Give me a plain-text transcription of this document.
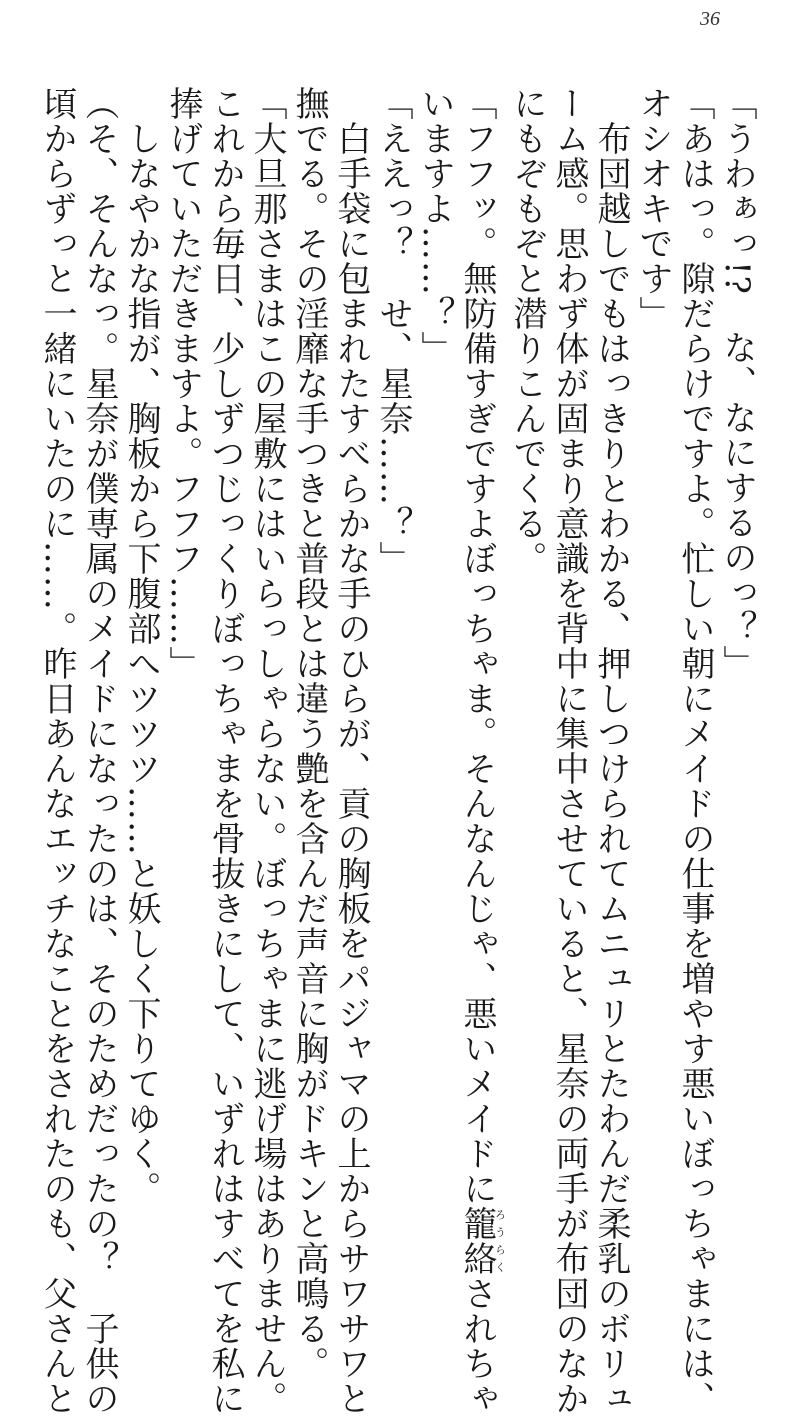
36
「うわぁっ!?　な、なにするのっ？」
「あはっ。隙だらけですよ。忙しい朝にメイドの仕事を増やす悪いぼっちゃまには、
オシオキです」
　布団越しでもはっきりとわかる、押しつけられてムニュリとたわんだ柔乳のボリュ
ーム感。思わず体が固まり意識を背中に集中させていると、星奈の両手が布団のなか
にもぞもぞと潜りこんでくる。
「フフッ。無防備すぎですよぼっちゃま。そんなんじゃ、悪いメイドに籠絡ろうらくされちゃ
いますよ……？」
「ええっ？　せ、星奈……？」
　白手袋に包まれたすべらかな手のひらが、貢の胸板をパジャマの上からサワサワと
撫でる。その淫靡な手つきと普段とは違う艶を含んだ声音に胸がドキンと高鳴る。
「大旦那さまはこの屋敷にはいらっしゃらない。ぼっちゃまに逃げ場はありません。
これから毎日、少しずつじっくりぼっちゃまを骨抜きにして、いずれはすべてを私に
捧げていただきますよ。フフフ……」
　しなやかな指が、胸板から下腹部へツツツ……と妖しく下りてゆく。
（そ、そんなっ。星奈が僕専属のメイドになったのは、そのためだったの？　子供の
頃からずっと一緒にいたのに……。昨日あんなエッチなことをされたのも、父さんと
